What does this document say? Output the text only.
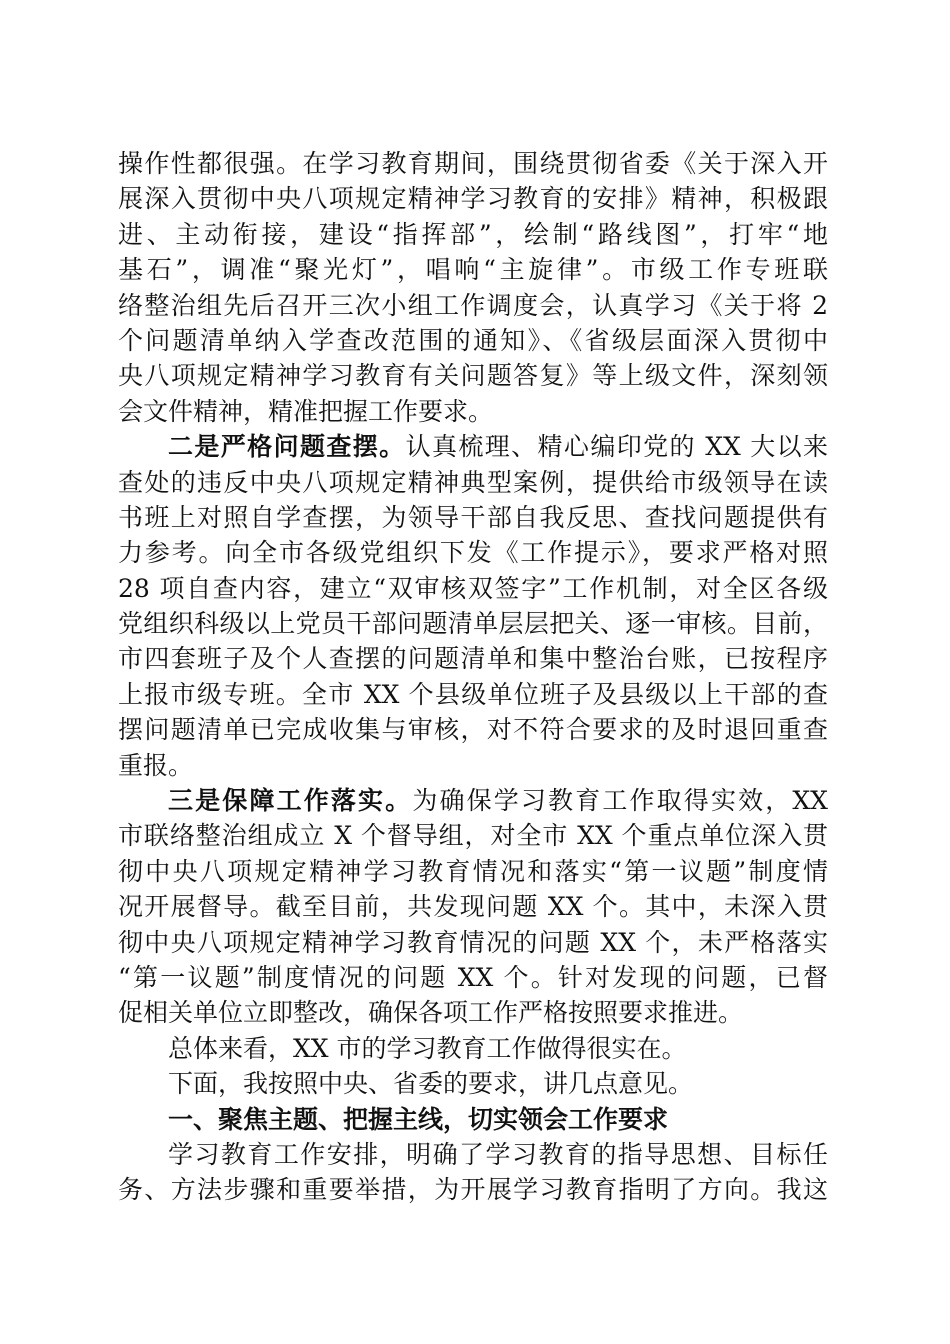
操作性都很强。在学习教育期间，围绕贯彻省委《关于深入开
展深入贯彻中央八项规定精神学习教育的安排》精神，积极跟
进、主动衔接，建设“指挥部”，绘制“路线图”，打牢“地
基石”，调准“聚光灯”，唱响“主旋律”。市级工作专班联
络整治组先后召开三次小组工作调度会，认真学习《关于将 2
个问题清单纳入学查改范围的通知》、《省级层面深入贯彻中
央八项规定精神学习教育有关问题答复》等上级文件，深刻领
会文件精神，精准把握工作要求。
二是严格问题查摆。认真梳理、精心编印党的 XX 大以来
查处的违反中央八项规定精神典型案例，提供给市级领导在读
书班上对照自学查摆，为领导干部自我反思、查找问题提供有
力参考。向全市各级党组织下发《工作提示》，要求严格对照
28 项自查内容，建立“双审核双签字”工作机制，对全区各级
党组织科级以上党员干部问题清单层层把关、逐一审核。目前，
市四套班子及个人查摆的问题清单和集中整治台账，已按程序
上报市级专班。全市 XX 个县级单位班子及县级以上干部的查
摆问题清单已完成收集与审核，对不符合要求的及时退回重查
重报。
三是保障工作落实。为确保学习教育工作取得实效，XX
市联络整治组成立 X 个督导组，对全市 XX 个重点单位深入贯
彻中央八项规定精神学习教育情况和落实“第一议题”制度情
况开展督导。截至目前，共发现问题 XX 个。其中，未深入贯
彻中央八项规定精神学习教育情况的问题 XX 个，未严格落实
“第一议题”制度情况的问题 XX 个。针对发现的问题，已督
促相关单位立即整改，确保各项工作严格按照要求推进。
总体来看，XX 市的学习教育工作做得很实在。
下面，我按照中央、省委的要求，讲几点意见。
一、聚焦主题、把握主线，切实领会工作要求
学习教育工作安排，明确了学习教育的指导思想、目标任
务、方法步骤和重要举措，为开展学习教育指明了方向。我这
